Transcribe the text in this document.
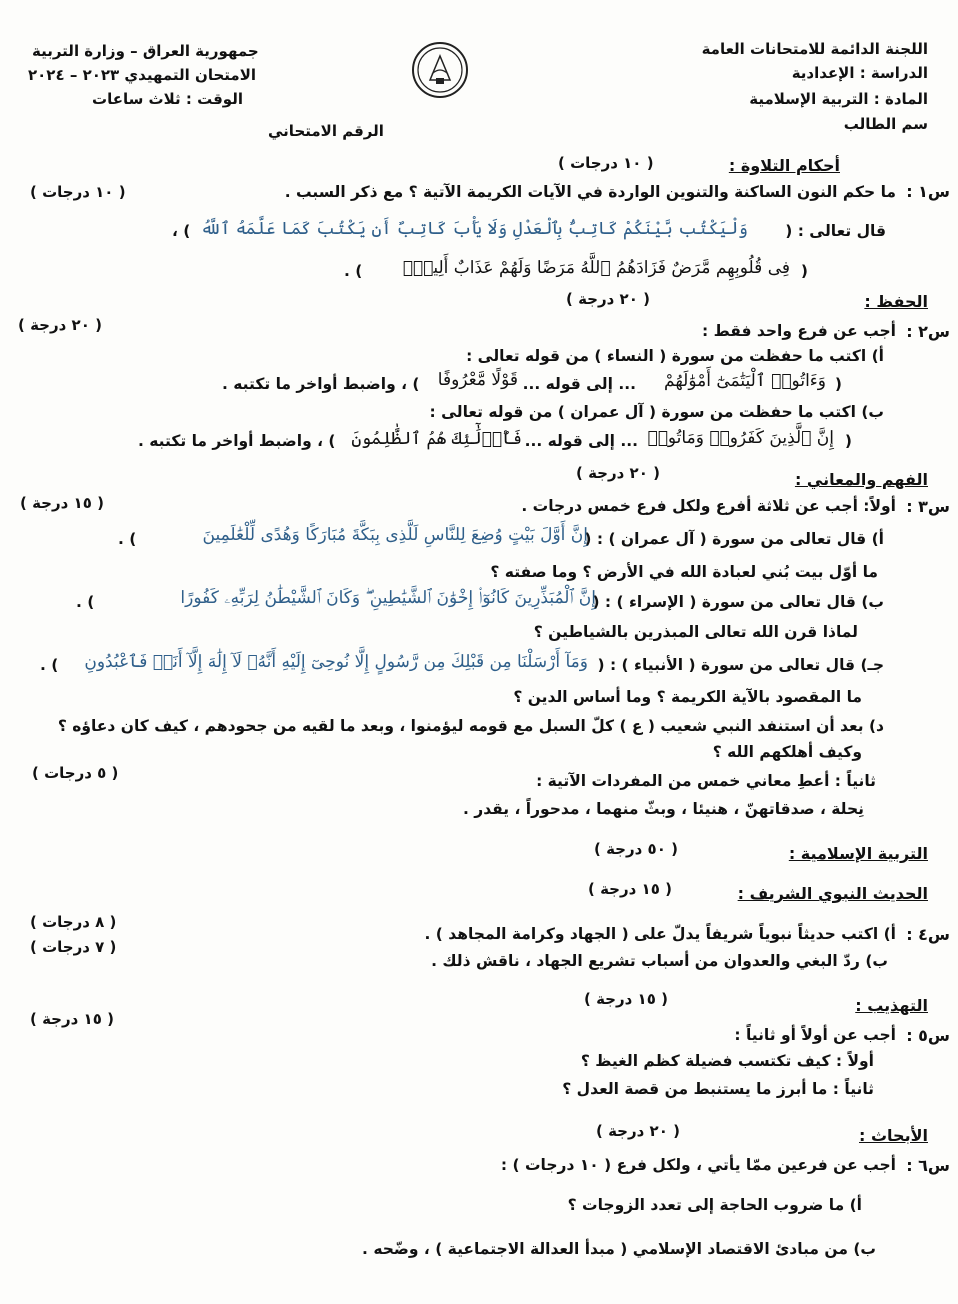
اللجنة الدائمة للامتحانات العامة
الدراسة : الإعدادية
المادة : التربية الإسلامية
سم الطالب
جمهورية العراق – وزارة التربية
الامتحان التمهيدي ٢٠٢٣ – ٢٠٢٤
الوقت : ثلاث ساعات
الرقم الامتحاني
أحكام التلاوة :
( ١٠ درجات )
س١ :
ما حكم النون الساكنة والتنوين الواردة في الآيات الكريمة الآتية ؟ مع ذكر السبب .
( ١٠ درجات )
قال تعالى : (
وَلْيَكْتُب بَّيْنَكُمْ كَاتِبٌۢ بِٱلْعَدْلِ وَلَا يَأْبَ كَاتِبٌ أَن يَكْتُبَ كَمَا عَلَّمَهُ ٱللَّهُ
) ،
(
فِى قُلُوبِهِم مَّرَضٌ فَزَادَهُمُ ٱللَّهُ مَرَضًا وَلَهُمْ عَذَابٌ أَلِيمٌۢ
) .
الحفظ :
( ٢٠ درجة )
س٢ :
أجب عن فرع واحد فقط :
( ٢٠ درجة )
أ) اكتب ما حفظت من سورة ( النساء ) من قوله تعالى :
(
وَءَاتُوا۟ ٱلْيَتَٰمَىٰٓ أَمْوَٰلَهُمْ
... إلى قوله ...
قَوْلًا مَّعْرُوفًا
) ، واضبط أواخر ما تكتبه .
ب) اكتب ما حفظت من سورة ( آل عمران ) من قوله تعالى :
(
إِنَّ ٱلَّذِينَ كَفَرُوا۟ وَمَاتُوا۟
... إلى قوله ...
فَأُو۟لَٰٓئِكَ هُمُ ٱلظَّٰلِمُونَ
) ، واضبط أواخر ما تكتبه .
الفهم والمعاني :
( ٢٠ درجة )
س٣ :
أولاً: أجب عن ثلاثة أفرع ولكل فرع خمس درجات .
( ١٥ درجة )
أ) قال تعالى من سورة ( آل عمران ) : (
إِنَّ أَوَّلَ بَيْتٍ وُضِعَ لِلنَّاسِ لَلَّذِى بِبَكَّةَ مُبَارَكًا وَهُدًى لِّلْعَٰلَمِينَ
) .
ما أوّل بيت بُني لعبادة الله في الأرض ؟ وما صفته ؟
ب) قال تعالى من سورة ( الإسراء ) : (
إِنَّ ٱلْمُبَذِّرِينَ كَانُوٓا۟ إِخْوَٰنَ ٱلشَّيَٰطِينِ ۖ وَكَانَ ٱلشَّيْطَٰنُ لِرَبِّهِۦ كَفُورًا
) .
لماذا قرن الله تعالى المبذرين بالشياطين ؟
جـ) قال تعالى من سورة ( الأنبياء ) : (
وَمَآ أَرْسَلْنَا مِن قَبْلِكَ مِن رَّسُولٍ إِلَّا نُوحِىٓ إِلَيْهِ أَنَّهُۥ لَآ إِلَٰهَ إِلَّآ أَنَا۠ فَٱعْبُدُونِ
) .
ما المقصود بالآية الكريمة ؟ وما أساس الدين ؟
د) بعد أن استنفد النبي شعيب ( ع ) كلّ السبل مع قومه ليؤمنوا ، وبعد ما لقيه من جحودهم ، كيف كان دعاؤه ؟
وكيف أهلكهم الله ؟
ثانياً : أعطِ معاني خمس من المفردات الآتية :
( ٥ درجات )
نِحلة ، صدقاتهنّ ، هنيئا ، وبثّ منهما ، مدحوراً ، يقدر .
التربية الإسلامية :
( ٥٠ درجة )
الحديث النبوي الشريف :
( ١٥ درجة )
س٤ :
أ) اكتب حديثاً نبوياً شريفاً يدلّ على ( الجهاد وكرامة المجاهد ) .
( ٨ درجات )
ب) ردّ البغي والعدوان من أسباب تشريع الجهاد ، ناقش ذلك .
( ٧ درجات )
التهذيب :
( ١٥ درجة )
س٥ :
أجب عن أولاً أو ثانياً :
( ١٥ درجة )
أولاً : كيف تكتسب فضيلة كظم الغيظ ؟
ثانياً : ما أبرز ما يستنبط من قصة العدل ؟
الأبحاث :
( ٢٠ درجة )
س٦ :
أجب عن فرعين ممّا يأتي ، ولكل فرع ( ١٠ درجات ) :
أ) ما ضروب الحاجة إلى تعدد الزوجات ؟
ب) من مبادئ الاقتصاد الإسلامي ( مبدأ العدالة الاجتماعية ) ، وضّحه .
